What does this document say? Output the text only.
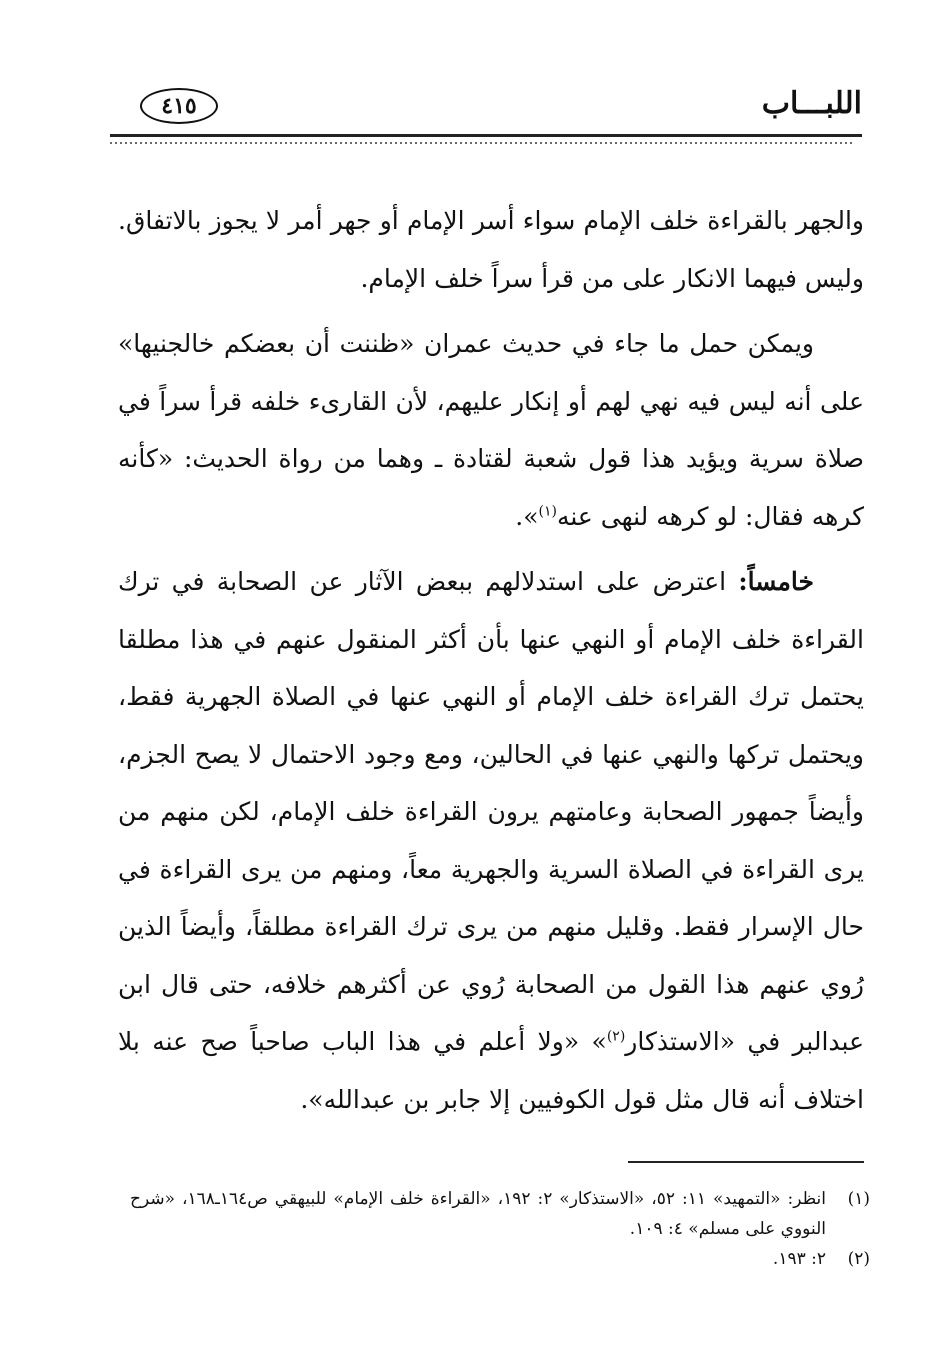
اللبـــاب
٤١٥

والجهر بالقراءة خلف الإمام سواء أسر الإمام أو جهر أمر لا يجوز بالاتفاق. وليس فيهما الانكار على من قرأ سراً خلف الإمام.

ويمكن حمل ما جاء في حديث عمران «ظننت أن بعضكم خالجنيها» على أنه ليس فيه نهي لهم أو إنكار عليهم، لأن القارىء خلفه قرأ سراً في صلاة سرية ويؤيد هذا قول شعبة لقتادة ـ وهما من رواة الحديث: «كأنه كرهه فقال: لو كرهه لنهى عنه$^{(١)}$».

خامساً: اعترض على استدلالهم ببعض الآثار عن الصحابة في ترك القراءة خلف الإمام أو النهي عنها بأن أكثر المنقول عنهم في هذا مطلقا يحتمل ترك القراءة خلف الإمام أو النهي عنها في الصلاة الجهرية فقط، ويحتمل تركها والنهي عنها في الحالين، ومع وجود الاحتمال لا يصح الجزم، وأيضاً جمهور الصحابة وعامتهم يرون القراءة خلف الإمام، لكن منهم من يرى القراءة في الصلاة السرية والجهرية معاً، ومنهم من يرى القراءة في حال الإسرار فقط. وقليل منهم من يرى ترك القراءة مطلقاً، وأيضاً الذين رُوي عنهم هذا القول من الصحابة رُوي عن أكثرهم خلافه، حتى قال ابن عبدالبر في «الاستذكار$^{(٢)}$» «ولا أعلم في هذا الباب صاحباً صح عنه بلا اختلاف أنه قال مثل قول الكوفيين إلا جابر بن عبدالله».

(١)
انظر: «التمهيد» ١١: ٥٢، «الاستذكار» ٢: ١٩٢، «القراءة خلف الإمام» للبيهقي ص١٦٤ـ١٦٨، «شرح النووي على مسلم» ٤: ١٠٩.
(٢)
٢: ١٩٣.
